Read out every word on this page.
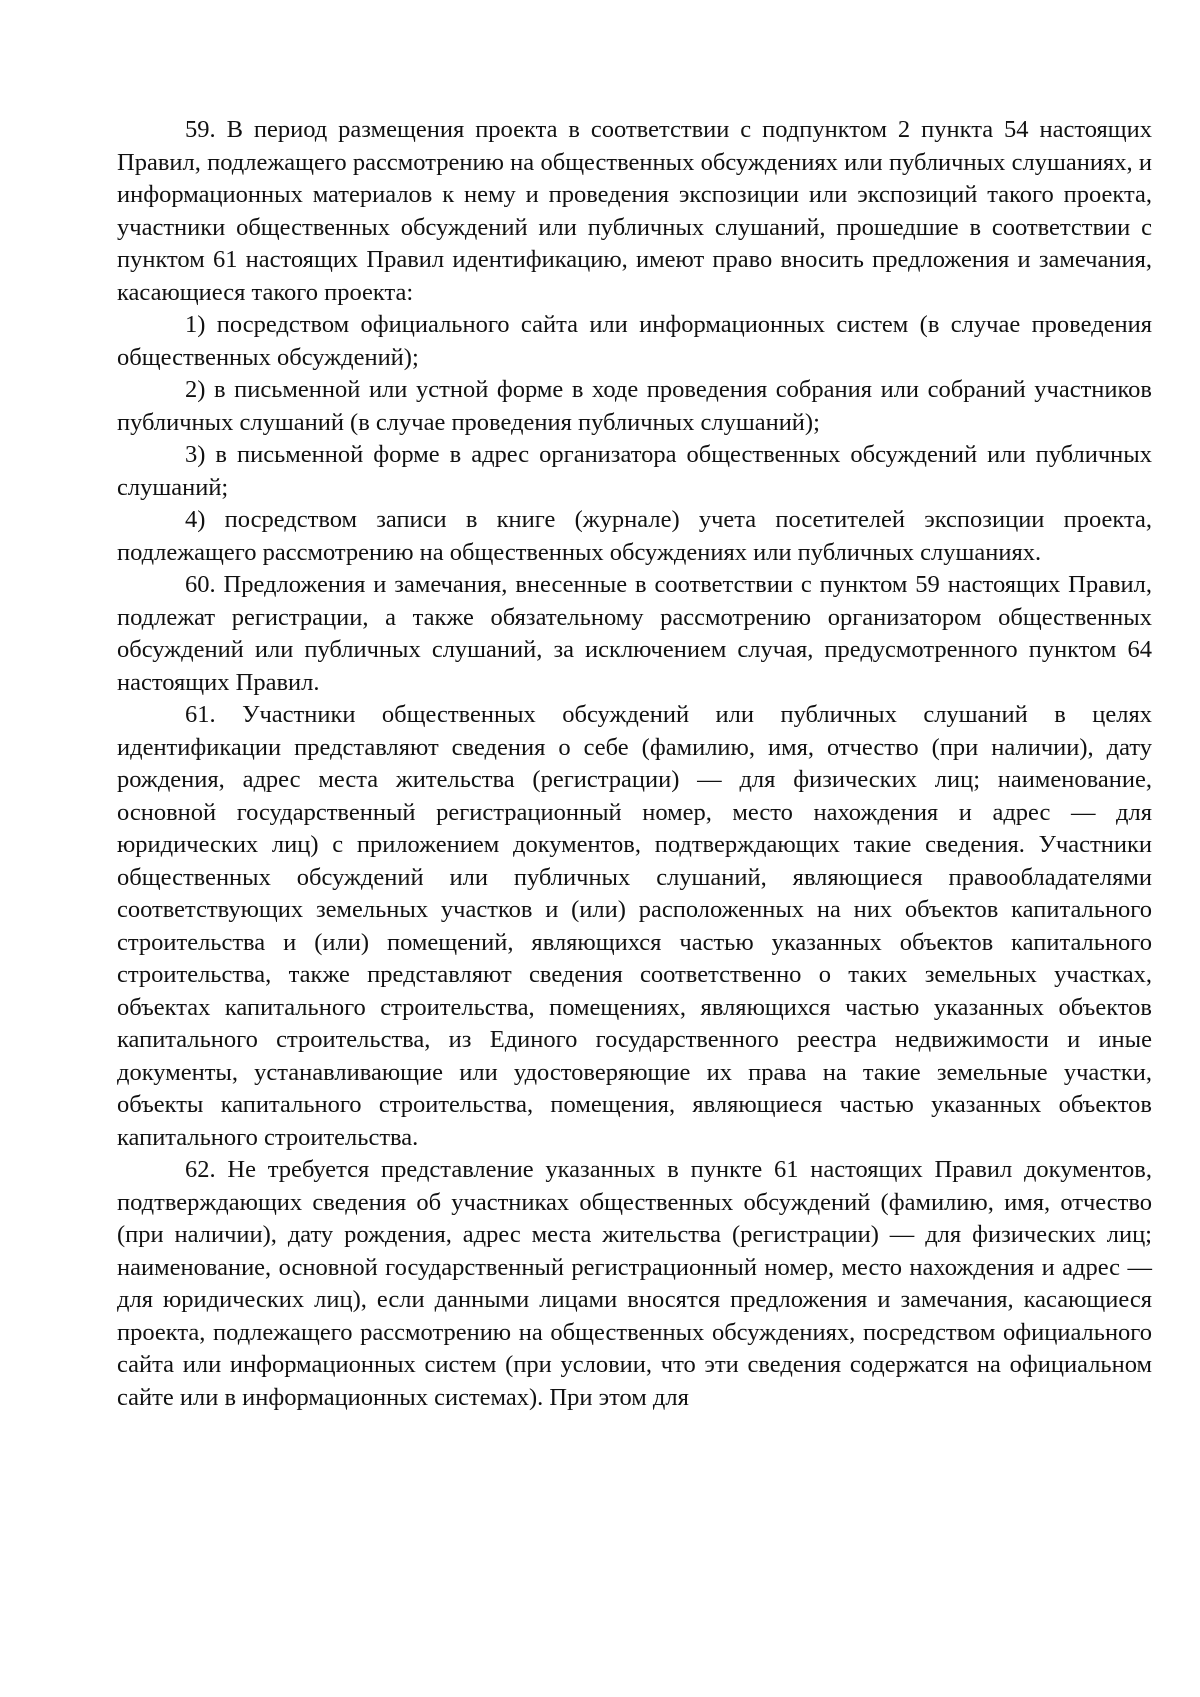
59. В период размещения проекта в соответствии с подпунктом 2 пункта 54 настоящих Правил, подлежащего рассмотрению на общественных обсуждениях или публичных слушаниях, и информационных материалов к нему и проведения экспозиции или экспозиций такого проекта, участники общественных обсуждений или публичных слушаний, прошедшие в соответствии с пунктом 61 настоящих Правил идентификацию, имеют право вносить предложения и замечания, касающиеся такого проекта:

1) посредством официального сайта или информационных систем (в случае проведения общественных обсуждений);

2) в письменной или устной форме в ходе проведения собрания или собраний участников публичных слушаний (в случае проведения публичных слушаний);

3) в письменной форме в адрес организатора общественных обсуждений или публичных слушаний;

4) посредством записи в книге (журнале) учета посетителей экспозиции проекта, подлежащего рассмотрению на общественных обсуждениях или публичных слушаниях.

60. Предложения и замечания, внесенные в соответствии с пунктом 59 настоящих Правил, подлежат регистрации, а также обязательному рассмотрению организатором общественных обсуждений или публичных слушаний, за исключением случая, предусмотренного пунктом 64 настоящих Правил.

61. Участники общественных обсуждений или публичных слушаний в целях идентификации представляют сведения о себе (фамилию, имя, отчество (при наличии), дату рождения, адрес места жительства (регистрации) — для физических лиц; наименование, основной государственный регистрационный номер, место нахождения и адрес — для юридических лиц) с приложением документов, подтверждающих такие сведения. Участники общественных обсуждений или публичных слушаний, являющиеся правообладателями соответствующих земельных участков и (или) расположенных на них объектов капитального строительства и (или) помещений, являющихся частью указанных объектов капитального строительства, также представляют сведения соответственно о таких земельных участках, объектах капитального строительства, помещениях, являющихся частью указанных объектов капитального строительства, из Единого государственного реестра недвижимости и иные документы, устанавливающие или удостоверяющие их права на такие земельные участки, объекты капитального строительства, помещения, являющиеся частью указанных объектов капитального строительства.

62. Не требуется представление указанных в пункте 61 настоящих Правил документов, подтверждающих сведения об участниках общественных обсуждений (фамилию, имя, отчество (при наличии), дату рождения, адрес места жительства (регистрации) — для физических лиц; наименование, основной государственный регистрационный номер, место нахождения и адрес — для юридических лиц), если данными лицами вносятся предложения и замечания, касающиеся проекта, подлежащего рассмотрению на общественных обсуждениях, посредством официального сайта или информационных систем (при условии, что эти сведения содержатся на официальном сайте или в информационных системах). При этом для
